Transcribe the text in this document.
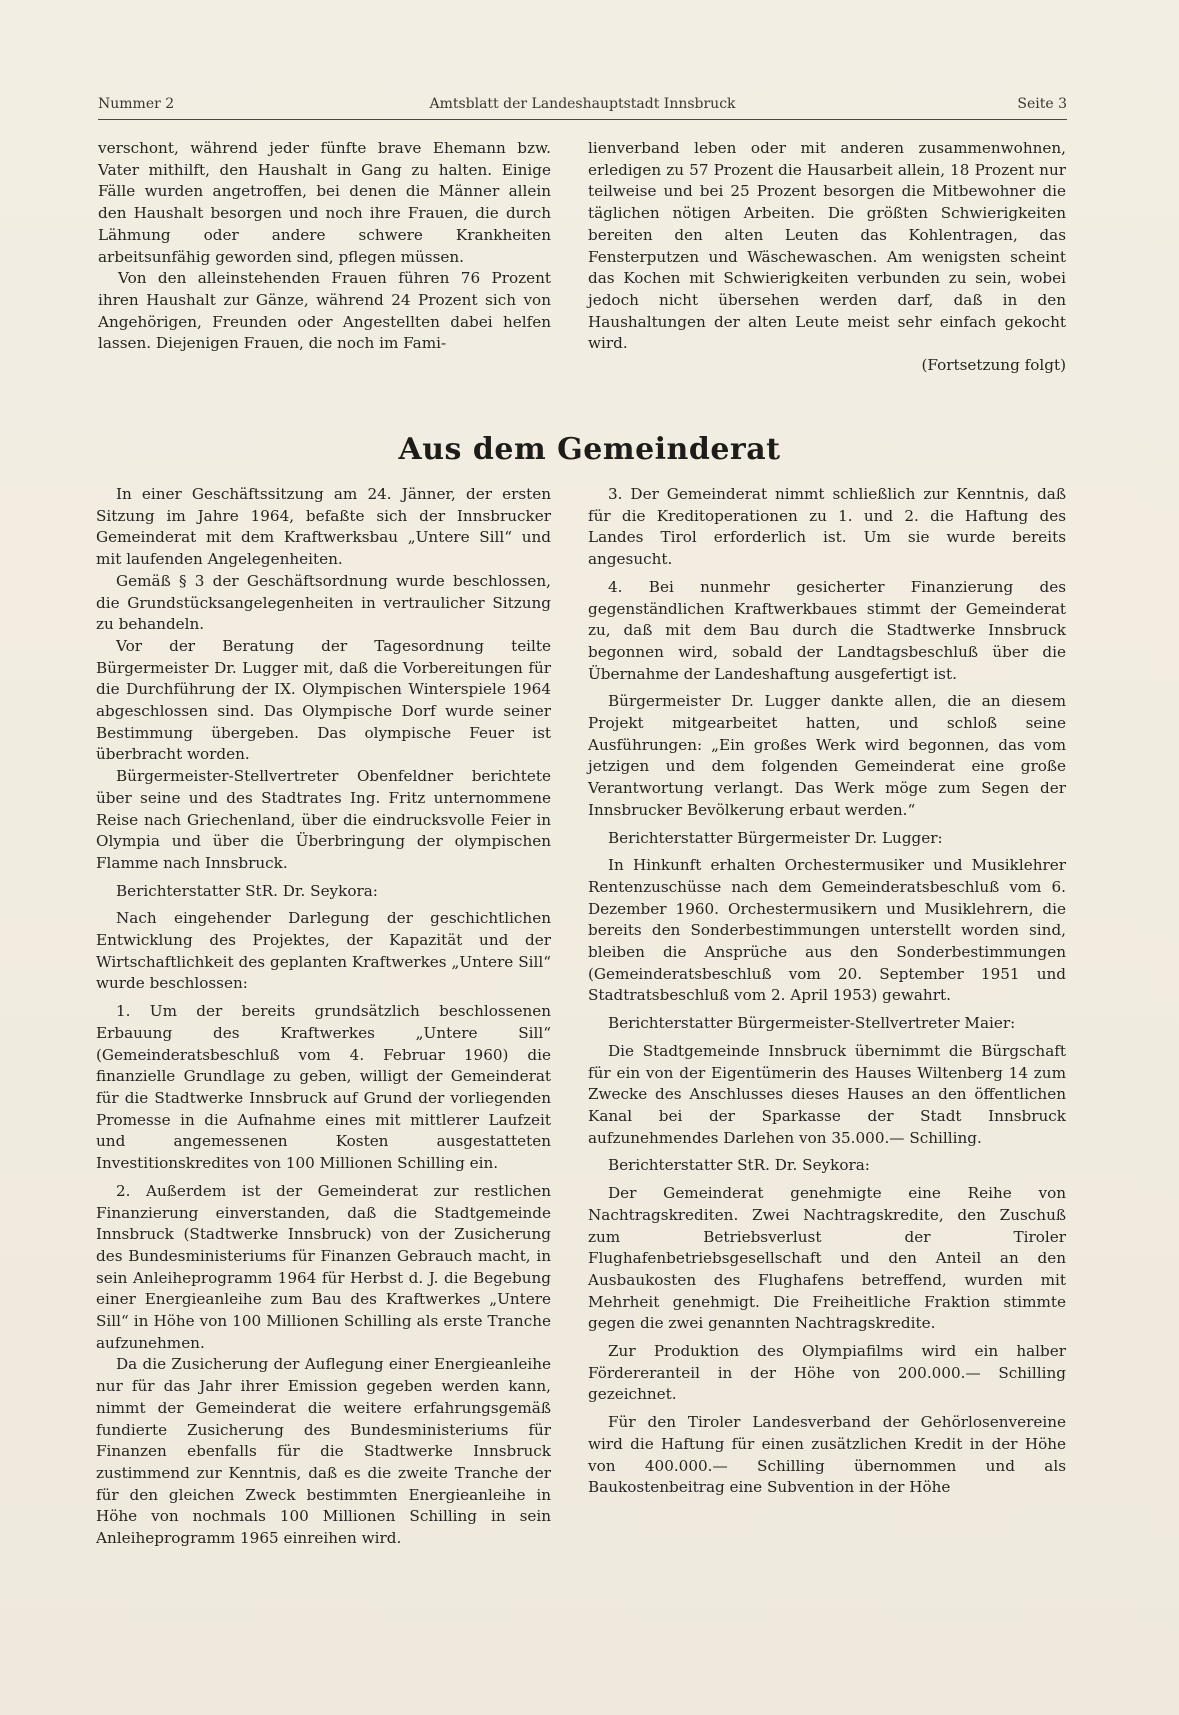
Nummer 2	Amtsblatt der Landeshauptstadt Innsbruck	Seite 3

verschont, während jeder fünfte brave Ehemann bzw. Vater mithilft, den Haushalt in Gang zu halten. Einige Fälle wurden angetroffen, bei denen die Männer allein den Haushalt besorgen und noch ihre Frauen, die durch Lähmung oder andere schwere Krankheiten arbeitsunfähig geworden sind, pflegen müssen.

Von den alleinstehenden Frauen führen 76 Prozent ihren Haushalt zur Gänze, während 24 Prozent sich von Angehörigen, Freunden oder Angestellten dabei helfen lassen. Diejenigen Frauen, die noch im Fami-

lienverband leben oder mit anderen zusammenwohnen, erledigen zu 57 Prozent die Hausarbeit allein, 18 Prozent nur teilweise und bei 25 Prozent besorgen die Mitbewohner die täglichen nötigen Arbeiten. Die größten Schwierigkeiten bereiten den alten Leuten das Kohlentragen, das Fensterputzen und Wäschewaschen. Am wenigsten scheint das Kochen mit Schwierigkeiten verbunden zu sein, wobei jedoch nicht übersehen werden darf, daß in den Haushaltungen der alten Leute meist sehr einfach gekocht wird.

(Fortsetzung folgt)

Aus dem Gemeinderat

In einer Geschäftssitzung am 24. Jänner, der ersten Sitzung im Jahre 1964, befaßte sich der Innsbrucker Gemeinderat mit dem Kraftwerksbau „Untere Sill“ und mit laufenden Angelegenheiten.

Gemäß § 3 der Geschäftsordnung wurde beschlossen, die Grundstücksangelegenheiten in vertraulicher Sitzung zu behandeln.

Vor der Beratung der Tagesordnung teilte Bürgermeister Dr. Lugger mit, daß die Vorbereitungen für die Durchführung der IX. Olympischen Winterspiele 1964 abgeschlossen sind. Das Olympische Dorf wurde seiner Bestimmung übergeben. Das olympische Feuer ist überbracht worden.

Bürgermeister-Stellvertreter Obenfeldner berichtete über seine und des Stadtrates Ing. Fritz unternommene Reise nach Griechenland, über die eindrucksvolle Feier in Olympia und über die Überbringung der olympischen Flamme nach Innsbruck.

Berichterstatter StR. Dr. Seykora:

Nach eingehender Darlegung der geschichtlichen Entwicklung des Projektes, der Kapazität und der Wirtschaftlichkeit des geplanten Kraftwerkes „Untere Sill“ wurde beschlossen:

1. Um der bereits grundsätzlich beschlossenen Erbauung des Kraftwerkes „Untere Sill“ (Gemeinderatsbeschluß vom 4. Februar 1960) die finanzielle Grundlage zu geben, willigt der Gemeinderat für die Stadtwerke Innsbruck auf Grund der vorliegenden Promesse in die Aufnahme eines mit mittlerer Laufzeit und angemessenen Kosten ausgestatteten Investitionskredites von 100 Millionen Schilling ein.

2. Außerdem ist der Gemeinderat zur restlichen Finanzierung einverstanden, daß die Stadtgemeinde Innsbruck (Stadtwerke Innsbruck) von der Zusicherung des Bundesministeriums für Finanzen Gebrauch macht, in sein Anleiheprogramm 1964 für Herbst d. J. die Begebung einer Energieanleihe zum Bau des Kraftwerkes „Untere Sill“ in Höhe von 100 Millionen Schilling als erste Tranche aufzunehmen.

Da die Zusicherung der Auflegung einer Energieanleihe nur für das Jahr ihrer Emission gegeben werden kann, nimmt der Gemeinderat die weitere erfahrungsgemäß fundierte Zusicherung des Bundesministeriums für Finanzen ebenfalls für die Stadtwerke Innsbruck zustimmend zur Kenntnis, daß es die zweite Tranche der für den gleichen Zweck bestimmten Energieanleihe in Höhe von nochmals 100 Millionen Schilling in sein Anleiheprogramm 1965 einreihen wird.

3. Der Gemeinderat nimmt schließlich zur Kenntnis, daß für die Kreditoperationen zu 1. und 2. die Haftung des Landes Tirol erforderlich ist. Um sie wurde bereits angesucht.

4. Bei nunmehr gesicherter Finanzierung des gegenständlichen Kraftwerkbaues stimmt der Gemeinderat zu, daß mit dem Bau durch die Stadtwerke Innsbruck begonnen wird, sobald der Landtagsbeschluß über die Übernahme der Landeshaftung ausgefertigt ist.

Bürgermeister Dr. Lugger dankte allen, die an diesem Projekt mitgearbeitet hatten, und schloß seine Ausführungen: „Ein großes Werk wird begonnen, das vom jetzigen und dem folgenden Gemeinderat eine große Verantwortung verlangt. Das Werk möge zum Segen der Innsbrucker Bevölkerung erbaut werden.“

Berichterstatter Bürgermeister Dr. Lugger:

In Hinkunft erhalten Orchestermusiker und Musiklehrer Rentenzuschüsse nach dem Gemeinderatsbeschluß vom 6. Dezember 1960. Orchestermusikern und Musiklehrern, die bereits den Sonderbestimmungen unterstellt worden sind, bleiben die Ansprüche aus den Sonderbestimmungen (Gemeinderatsbeschluß vom 20. September 1951 und Stadtratsbeschluß vom 2. April 1953) gewahrt.

Berichterstatter Bürgermeister-Stellvertreter Maier:

Die Stadtgemeinde Innsbruck übernimmt die Bürgschaft für ein von der Eigentümerin des Hauses Wiltenberg 14 zum Zwecke des Anschlusses dieses Hauses an den öffentlichen Kanal bei der Sparkasse der Stadt Innsbruck aufzunehmendes Darlehen von 35.000.— Schilling.

Berichterstatter StR. Dr. Seykora:

Der Gemeinderat genehmigte eine Reihe von Nachtragskrediten. Zwei Nachtragskredite, den Zuschuß zum Betriebsverlust der Tiroler Flughafenbetriebsgesellschaft und den Anteil an den Ausbaukosten des Flughafens betreffend, wurden mit Mehrheit genehmigt. Die Freiheitliche Fraktion stimmte gegen die zwei genannten Nachtragskredite.

Zur Produktion des Olympiafilms wird ein halber Fördereranteil in der Höhe von 200.000.— Schilling gezeichnet.

Für den Tiroler Landesverband der Gehörlosenvereine wird die Haftung für einen zusätzlichen Kredit in der Höhe von 400.000.— Schilling übernommen und als Baukostenbeitrag eine Subvention in der Höhe
